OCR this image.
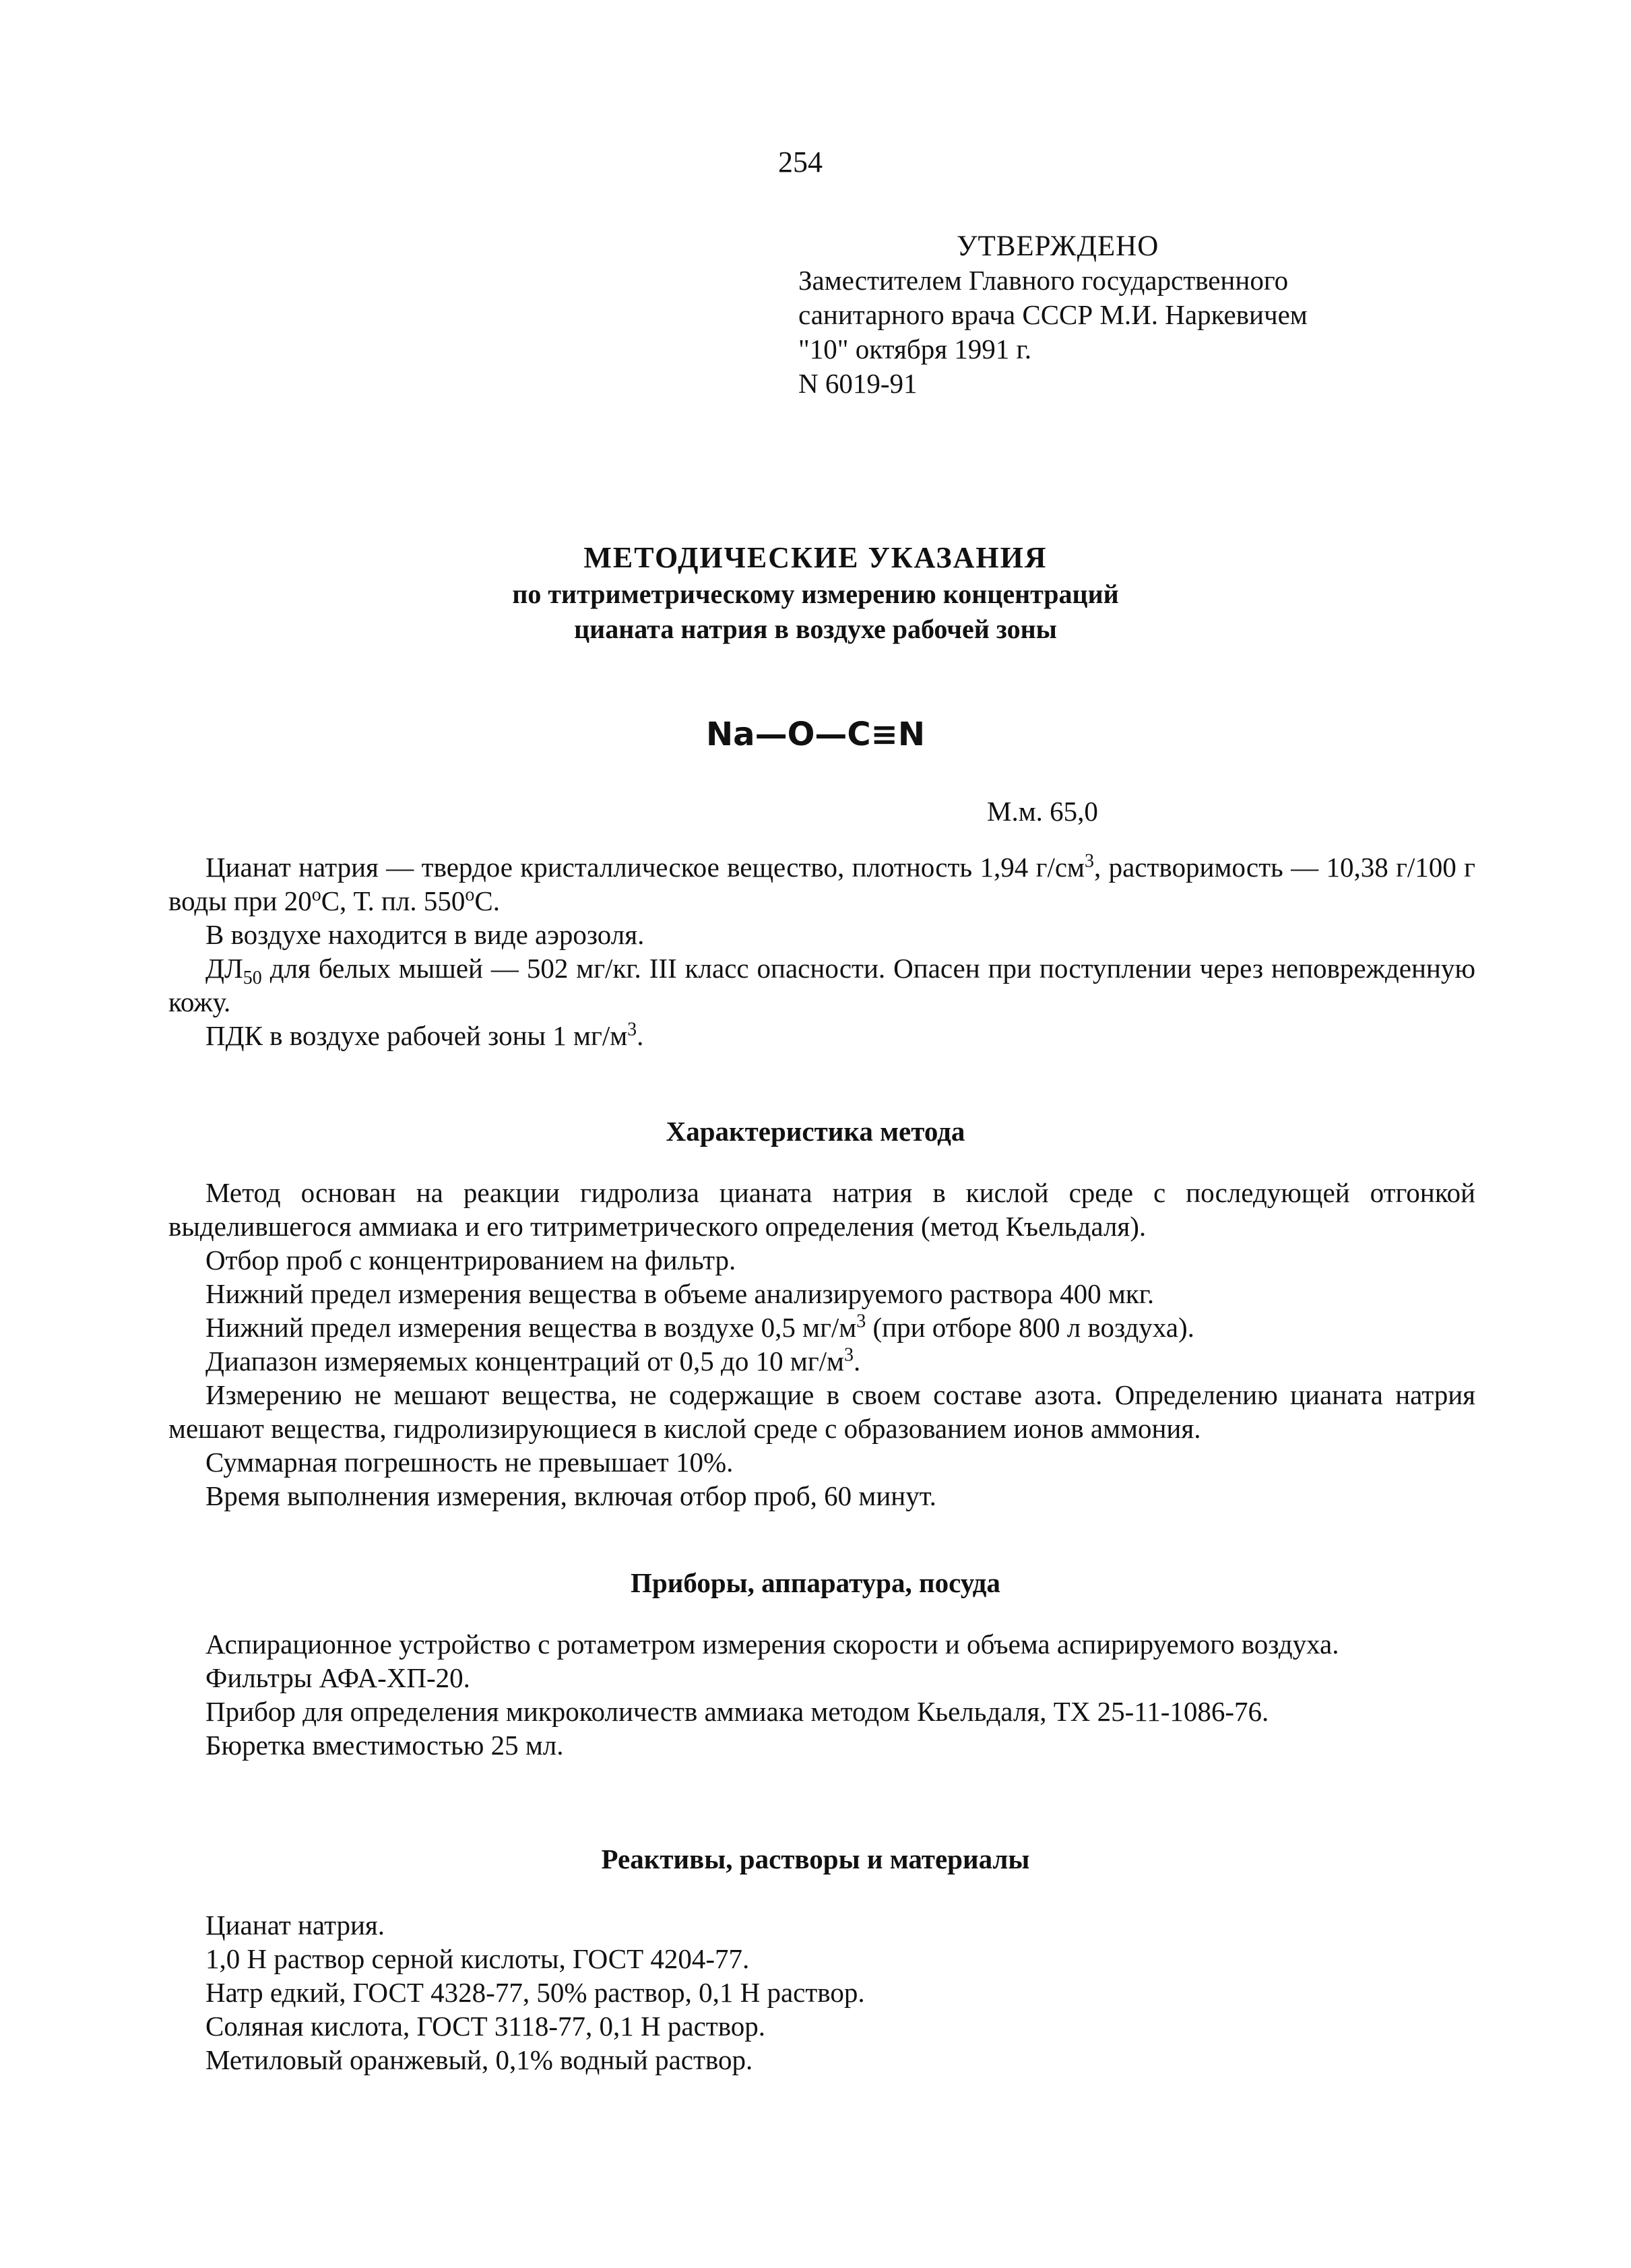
254
УТВЕРЖДЕНО
Заместителем Главного государственного
санитарного врача СССР М.И. Наркевичем
"10" октября 1991 г.
N 6019-91
МЕТОДИЧЕСКИЕ УКАЗАНИЯ
по титриметрическому измерению концентраций
цианата натрия в воздухе рабочей зоны
Na—O—C≡N
М.м. 65,0

Цианат натрия — твердое кристаллическое вещество, плотность 1,94 $г/см^3$, растворимость — 10,38 г/100 г воды при 20$^o$С, Т. пл. 550$^o$С.

В воздухе находится в виде аэрозоля.

$ДЛ_{50}$ для белых мышей — 502 мг/кг. III класс опасности. Опасен при поступлении через неповрежденную кожу.

ПДК в воздухе рабочей зоны 1 $мг/м^3$.

Характеристика метода

Метод основан на реакции гидролиза цианата натрия в кислой среде с последующей отгонкой выделившегося аммиака и его титриметрического определения (метод Къельдаля).

Отбор проб с концентрированием на фильтр.

Нижний предел измерения вещества в объеме анализируемого раствора 400 мкг.

Нижний предел измерения вещества в воздухе 0,5 $мг/м^3$ (при отборе 800 л воздуха).

Диапазон измеряемых концентраций от 0,5 до 10 $мг/м^3$.

Измерению не мешают вещества, не содержащие в своем составе азота. Определению цианата натрия мешают вещества, гидролизирующиеся в кислой среде с образованием ионов аммония.

Суммарная погрешность не превышает 10%.

Время выполнения измерения, включая отбор проб, 60 минут.

Приборы, аппаратура, посуда

Аспирационное устройство с ротаметром измерения скорости и объема аспирируемого воздуха.

Фильтры АФА-ХП-20.

Прибор для определения микроколичеств аммиака методом Кьельдаля, ТХ 25-11-1086-76.

Бюретка вместимостью 25 мл.

Реактивы, растворы и материалы

Цианат натрия.

1,0 Н раствор серной кислоты, ГОСТ 4204-77.

Натр едкий, ГОСТ 4328-77, 50% раствор, 0,1 Н раствор.

Соляная кислота, ГОСТ 3118-77, 0,1 Н раствор.

Метиловый оранжевый, 0,1% водный раствор.
